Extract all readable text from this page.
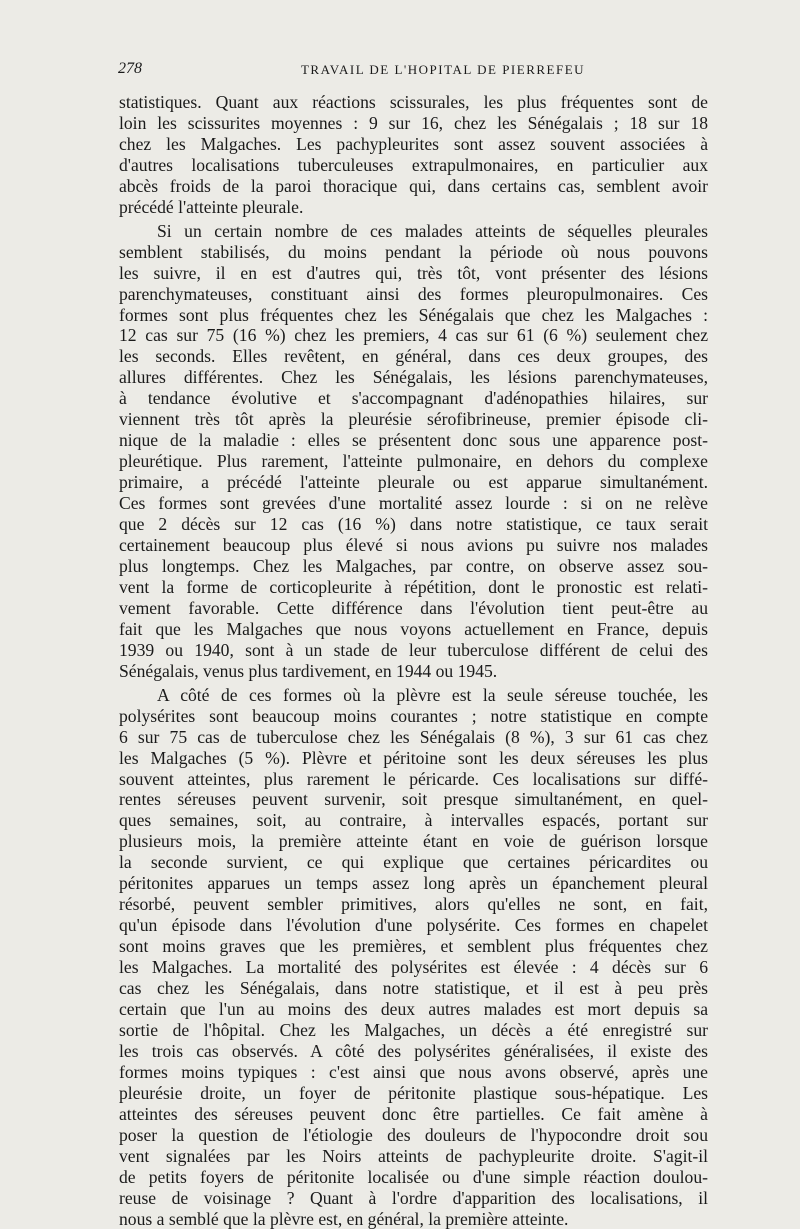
278	TRAVAIL DE L'HOPITAL DE PIERREFEU
statistiques. Quant aux réactions scissurales, les plus fréquentes sont de
loin les scissurites moyennes : 9 sur 16, chez les Sénégalais ; 18 sur 18
chez les Malgaches. Les pachypleurites sont assez souvent associées à
d'autres localisations tuberculeuses extrapulmonaires, en particulier aux
abcès froids de la paroi thoracique qui, dans certains cas, semblent avoir
précédé l'atteinte pleurale.
Si un certain nombre de ces malades atteints de séquelles pleurales
semblent stabilisés, du moins pendant la période où nous pouvons
les suivre, il en est d'autres qui, très tôt, vont présenter des lésions
parenchymateuses, constituant ainsi des formes pleuropulmonaires. Ces
formes sont plus fréquentes chez les Sénégalais que chez les Malgaches :
12 cas sur 75 (16 %) chez les premiers, 4 cas sur 61 (6 %) seulement chez
les seconds. Elles revêtent, en général, dans ces deux groupes, des
allures différentes. Chez les Sénégalais, les lésions parenchymateuses,
à tendance évolutive et s'accompagnant d'adénopathies hilaires, sur
viennent très tôt après la pleurésie sérofibrineuse, premier épisode cli-
nique de la maladie : elles se présentent donc sous une apparence post-
pleurétique. Plus rarement, l'atteinte pulmonaire, en dehors du complexe
primaire, a précédé l'atteinte pleurale ou est apparue simultanément.
Ces formes sont grevées d'une mortalité assez lourde : si on ne relève
que 2 décès sur 12 cas (16 %) dans notre statistique, ce taux serait
certainement beaucoup plus élevé si nous avions pu suivre nos malades
plus longtemps. Chez les Malgaches, par contre, on observe assez sou-
vent la forme de corticopleurite à répétition, dont le pronostic est relati-
vement favorable. Cette différence dans l'évolution tient peut-être au
fait que les Malgaches que nous voyons actuellement en France, depuis
1939 ou 1940, sont à un stade de leur tuberculose différent de celui des
Sénégalais, venus plus tardivement, en 1944 ou 1945.
A côté de ces formes où la plèvre est la seule séreuse touchée, les
polysérites sont beaucoup moins courantes ; notre statistique en compte
6 sur 75 cas de tuberculose chez les Sénégalais (8 %), 3 sur 61 cas chez
les Malgaches (5 %). Plèvre et péritoine sont les deux séreuses les plus
souvent atteintes, plus rarement le péricarde. Ces localisations sur diffé-
rentes séreuses peuvent survenir, soit presque simultanément, en quel-
ques semaines, soit, au contraire, à intervalles espacés, portant sur
plusieurs mois, la première atteinte étant en voie de guérison lorsque
la seconde survient, ce qui explique que certaines péricardites ou
péritonites apparues un temps assez long après un épanchement pleural
résorbé, peuvent sembler primitives, alors qu'elles ne sont, en fait,
qu'un épisode dans l'évolution d'une polysérite. Ces formes en chapelet
sont moins graves que les premières, et semblent plus fréquentes chez
les Malgaches. La mortalité des polysérites est élevée : 4 décès sur 6
cas chez les Sénégalais, dans notre statistique, et il est à peu près
certain que l'un au moins des deux autres malades est mort depuis sa
sortie de l'hôpital. Chez les Malgaches, un décès a été enregistré sur
les trois cas observés. A côté des polysérites généralisées, il existe des
formes moins typiques : c'est ainsi que nous avons observé, après une
pleurésie droite, un foyer de péritonite plastique sous-hépatique. Les
atteintes des séreuses peuvent donc être partielles. Ce fait amène à
poser la question de l'étiologie des douleurs de l'hypocondre droit sou
vent signalées par les Noirs atteints de pachypleurite droite. S'agit-il
de petits foyers de péritonite localisée ou d'une simple réaction doulou-
reuse de voisinage ? Quant à l'ordre d'apparition des localisations, il
nous a semblé que la plèvre est, en général, la première atteinte.
